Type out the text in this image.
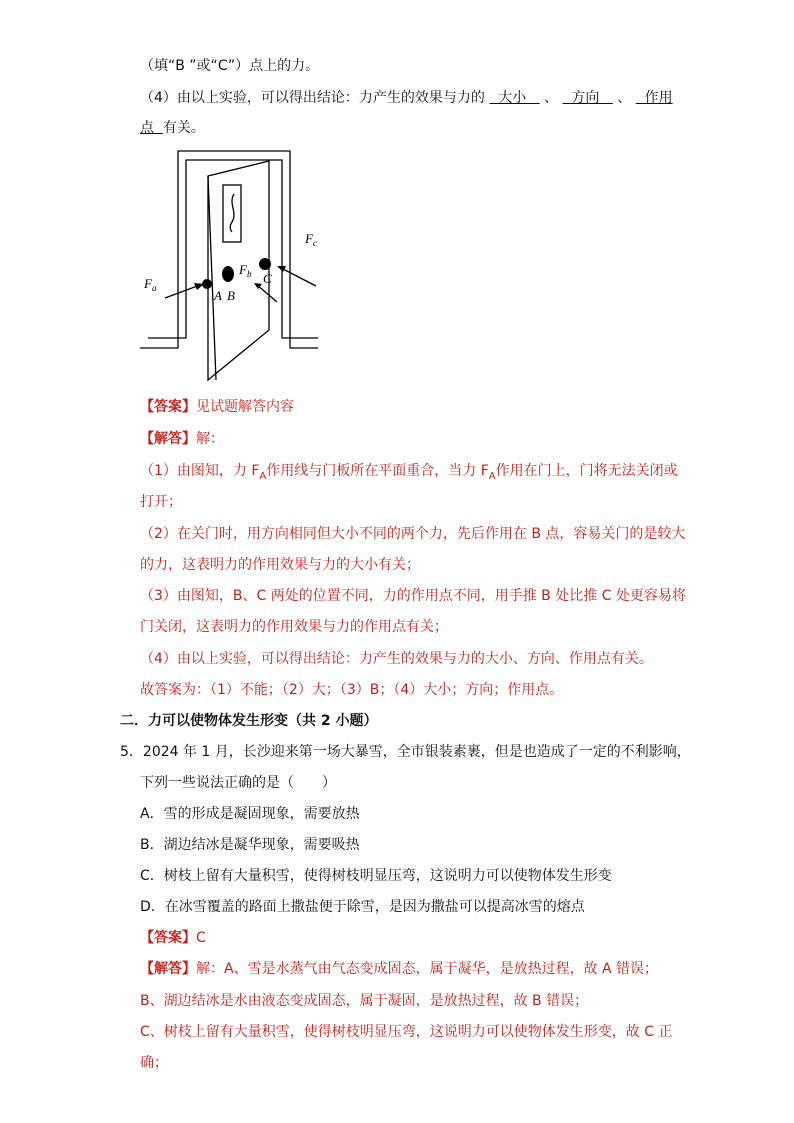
（填“B ”或“C”）点上的力。
（4）由以上实验，可以得出结论：力产生的效果与力的   大小    、   方向    、   作用
点  有关。
$F_a$
$F_b$
$F_c$
A B
C
【答案】见试题解答内容
【解答】解：
（1）由图知，力 $F_A$作用线与门板所在平面重合，当力 $F_A$作用在门上，门将无法关闭或
打开；
（2）在关门时，用方向相同但大小不同的两个力，先后作用在 B 点，容易关门的是较大
的力，这表明力的作用效果与力的大小有关；
（3）由图知，B、C 两处的位置不同，力的作用点不同，用手推 B 处比推 C 处更容易将
门关闭，这表明力的作用效果与力的作用点有关；
（4）由以上实验，可以得出结论：力产生的效果与力的大小、方向、作用点有关。
故答案为：（1）不能；（2）大；（3）B；（4）大小；方向；作用点。
二．力可以使物体发生形变（共 2 小题）
5．2024 年 1 月，长沙迎来第一场大暴雪，全市银装素裹，但是也造成了一定的不利影响，
下列一些说法正确的是（　　）
A．雪的形成是凝固现象，需要放热
B．湖边结冰是凝华现象，需要吸热
C．树枝上留有大量积雪，使得树枝明显压弯，这说明力可以使物体发生形变
D．在冰雪覆盖的路面上撒盐便于除雪，是因为撒盐可以提高冰雪的熔点
【答案】C
【解答】解：A、雪是水蒸气由气态变成固态，属于凝华，是放热过程，故 A 错误；
B、湖边结冰是水由液态变成固态，属于凝固，是放热过程，故 B 错误；
C、树枝上留有大量积雪，使得树枝明显压弯，这说明力可以使物体发生形变，故 C 正
确；
